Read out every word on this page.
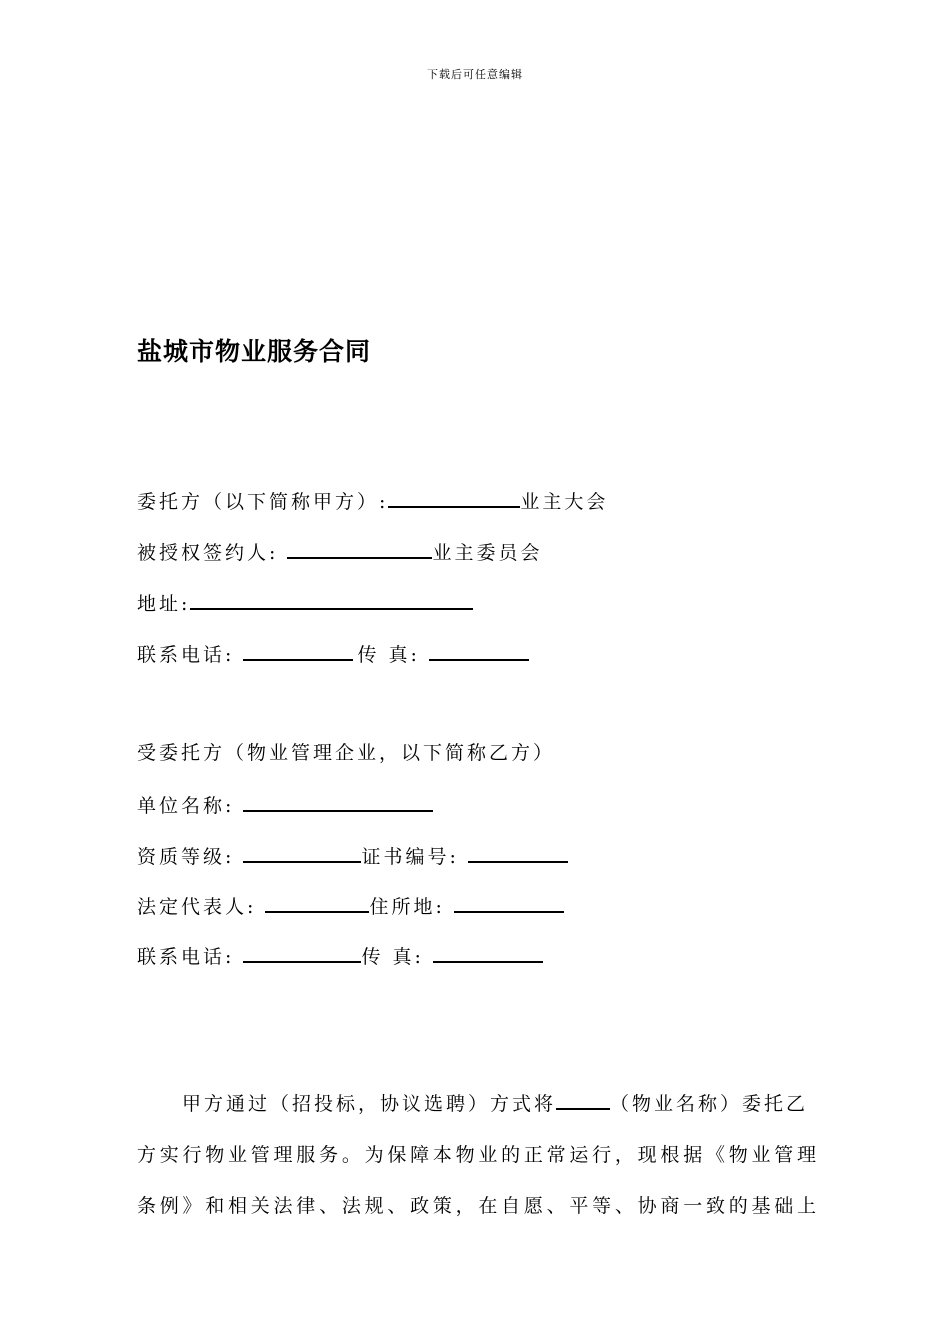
下载后可任意编辑
盐城市物业服务合同
委托方（以下简称甲方）:	业主大会
被授权签约人:	业主委员会
地址:
联系电话:	传 真:
受委托方（物业管理企业，以下简称乙方）
单位名称:
资质等级:	证书编号:
法定代表人:	住所地:
联系电话:	传 真:
甲方通过（招投标，协议选聘）方式将	（物业名称）委托乙
方实行物业管理服务。为保障本物业的正常运行，现根据《物业管理
条例》和相关法律、法规、政策，在自愿、平等、协商一致的基础上
